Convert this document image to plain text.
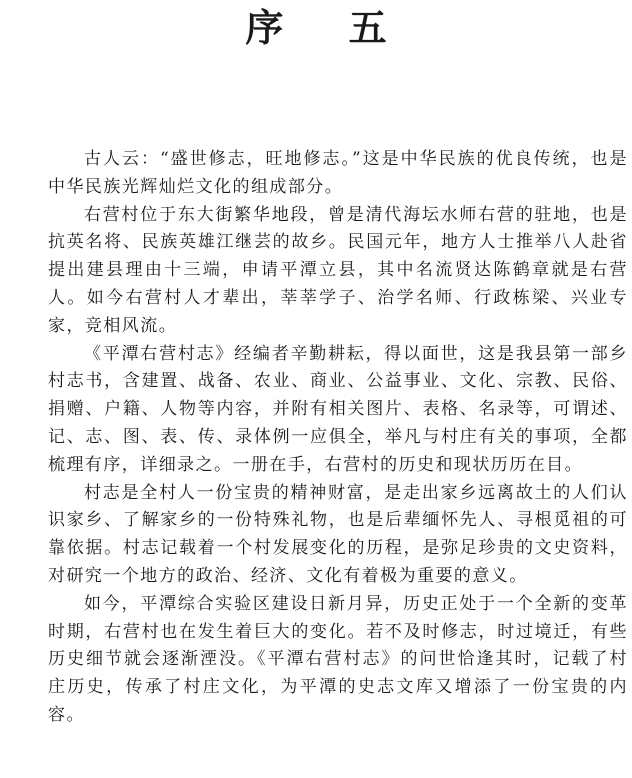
序 五

古人云：“盛世修志，旺地修志。”这是中华民族的优良传统，也是中华民族光辉灿烂文化的组成部分。

右营村位于东大街繁华地段，曾是清代海坛水师右营的驻地，也是抗英名将、民族英雄江继芸的故乡。民国元年，地方人士推举八人赴省提出建县理由十三端，申请平潭立县，其中名流贤达陈鹤章就是右营人。如今右营村人才辈出，莘莘学子、治学名师、行政栋梁、兴业专家，竞相风流。

《平潭右营村志》经编者辛勤耕耘，得以面世，这是我县第一部乡村志书，含建置、战备、农业、商业、公益事业、文化、宗教、民俗、捐赠、户籍、人物等内容，并附有相关图片、表格、名录等，可谓述、记、志、图、表、传、录体例一应俱全，举凡与村庄有关的事项，全都梳理有序，详细录之。一册在手，右营村的历史和现状历历在目。

村志是全村人一份宝贵的精神财富，是走出家乡远离故土的人们认识家乡、了解家乡的一份特殊礼物，也是后辈缅怀先人、寻根觅祖的可靠依据。村志记载着一个村发展变化的历程，是弥足珍贵的文史资料，对研究一个地方的政治、经济、文化有着极为重要的意义。

如今，平潭综合实验区建设日新月异，历史正处于一个全新的变革时期，右营村也在发生着巨大的变化。若不及时修志，时过境迁，有些历史细节就会逐渐湮没。《平潭右营村志》的问世恰逢其时，记载了村庄历史，传承了村庄文化，为平潭的史志文库又增添了一份宝贵的内容。
